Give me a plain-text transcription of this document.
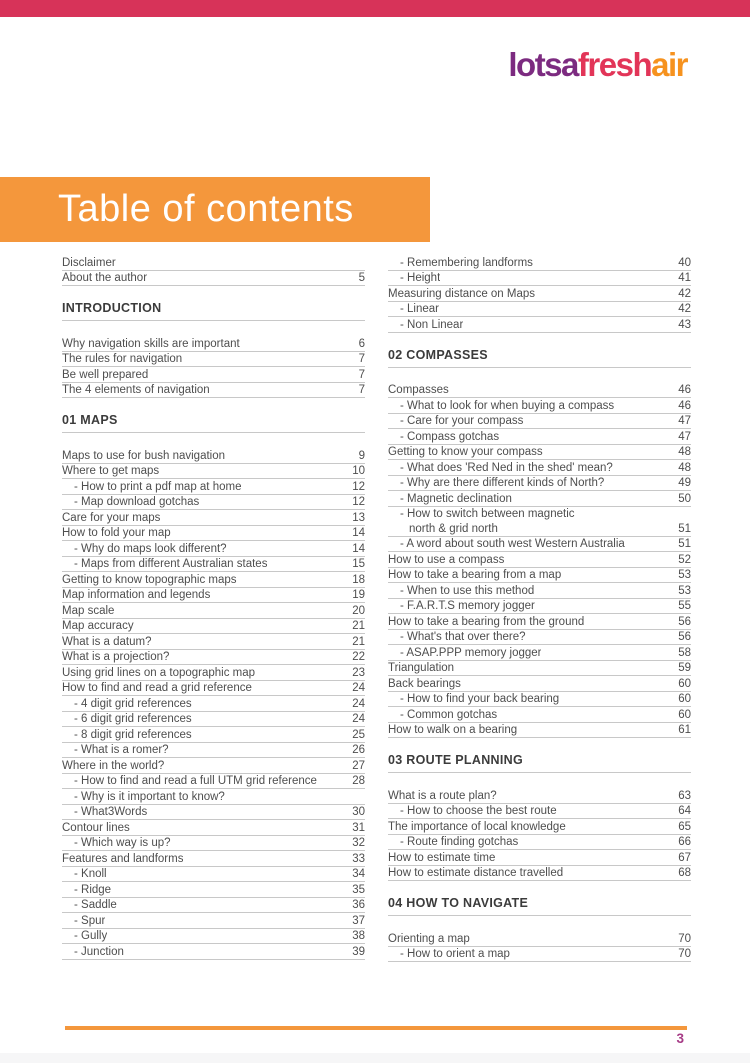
lotsafreshair
Table of contents
Disclaimer
About the author	5
INTRODUCTION
Why navigation skills are important	6
The rules for navigation	7
Be well prepared	7
The 4 elements of navigation	7
01 MAPS
Maps to use for bush navigation	9
Where to get maps	10
- How to print a pdf map at home	12
- Map download gotchas	12
Care for your maps	13
How to fold your map	14
- Why do maps look different?	14
- Maps from different Australian states	15
Getting to know topographic maps	18
Map information and legends	19
Map scale	20
Map accuracy	21
What is a datum?	21
What is a projection?	22
Using grid lines on a topographic map	23
How to find and read a grid reference	24
- 4 digit grid references	24
- 6 digit grid references	24
- 8 digit grid references	25
- What is a romer?	26
Where in the world?	27
- How to find and read a full UTM grid reference	28
- Why is it important to know?
- What3Words	30
Contour lines	31
- Which way is up?	32
Features and landforms	33
- Knoll	34
- Ridge	35
- Saddle	36
- Spur	37
- Gully	38
- Junction	39
- Remembering landforms	40
- Height	41
Measuring distance on Maps	42
- Linear	42
- Non Linear	43
02 COMPASSES
Compasses	46
- What to look for when buying a compass	46
- Care for your compass	47
- Compass gotchas	47
Getting to know your compass	48
- What does 'Red Ned in the shed' mean?	48
- Why are there different kinds of North?	49
- Magnetic declination	50
- How to switch between magnetic
north & grid north	51
- A word about south west Western Australia	51
How to use a compass	52
How to take a bearing from a map	53
- When to use this method	53
- F.A.R.T.S memory jogger	55
How to take a bearing from the ground	56
- What's that over there?	56
- ASAP.PPP memory jogger	58
Triangulation	59
Back bearings	60
- How to find your back bearing	60
- Common gotchas	60
How to walk on a bearing	61
03 ROUTE PLANNING
What is a route plan?	63
- How to choose the best route	64
The importance of local knowledge	65
- Route finding gotchas	66
How to estimate time	67
How to estimate distance travelled	68
04 HOW TO NAVIGATE
Orienting a map	70
- How to orient a map	70
3
